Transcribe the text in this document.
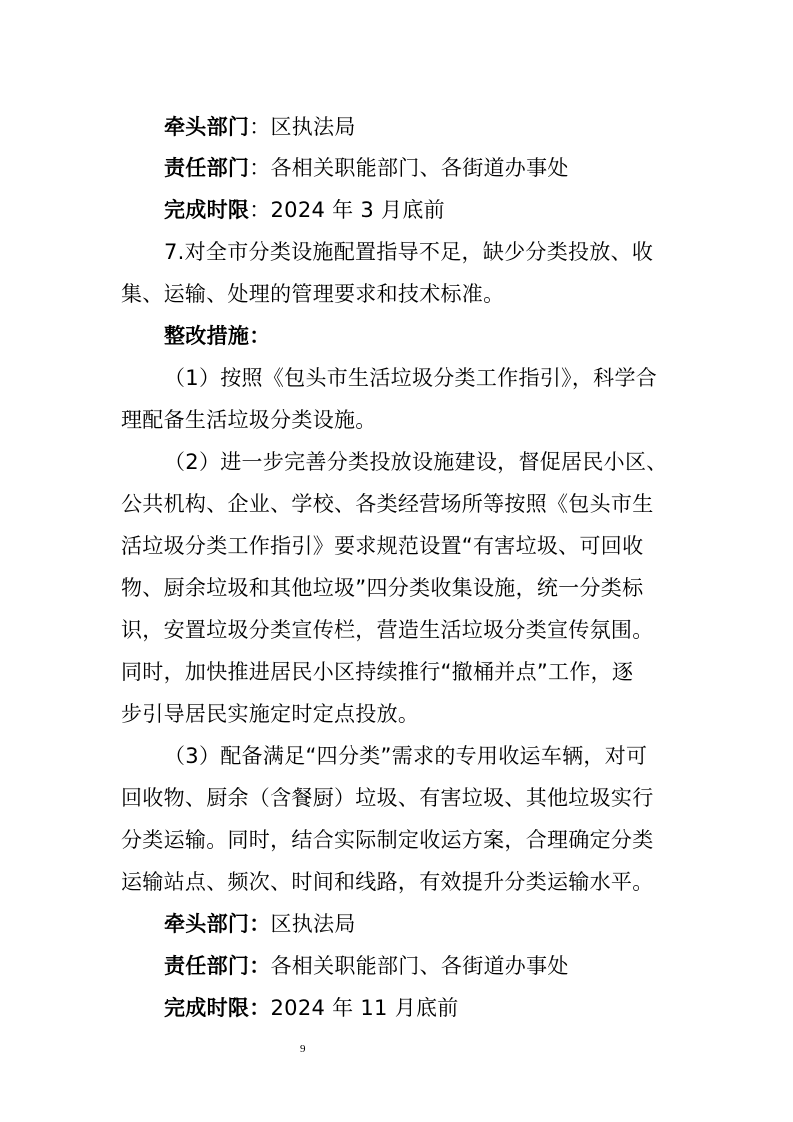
牵头部门：区执法局
责任部门：各相关职能部门、各街道办事处
完成时限：2024 年 3 月底前
7.对全市分类设施配置指导不足，缺少分类投放、收
集、运输、处理的管理要求和技术标准。
整改措施：
（1）按照《包头市生活垃圾分类工作指引》，科学合
理配备生活垃圾分类设施。
（2）进一步完善分类投放设施建设，督促居民小区、
公共机构、企业、学校、各类经营场所等按照《包头市生
活垃圾分类工作指引》要求规范设置“有害垃圾、可回收
物、厨余垃圾和其他垃圾”四分类收集设施，统一分类标
识，安置垃圾分类宣传栏，营造生活垃圾分类宣传氛围。
同时，加快推进居民小区持续推行“撤桶并点”工作，逐
步引导居民实施定时定点投放。
（3）配备满足“四分类”需求的专用收运车辆，对可
回收物、厨余（含餐厨）垃圾、有害垃圾、其他垃圾实行
分类运输。同时，结合实际制定收运方案，合理确定分类
运输站点、频次、时间和线路，有效提升分类运输水平。
牵头部门：区执法局
责任部门：各相关职能部门、各街道办事处
完成时限：2024 年 11 月底前
9
